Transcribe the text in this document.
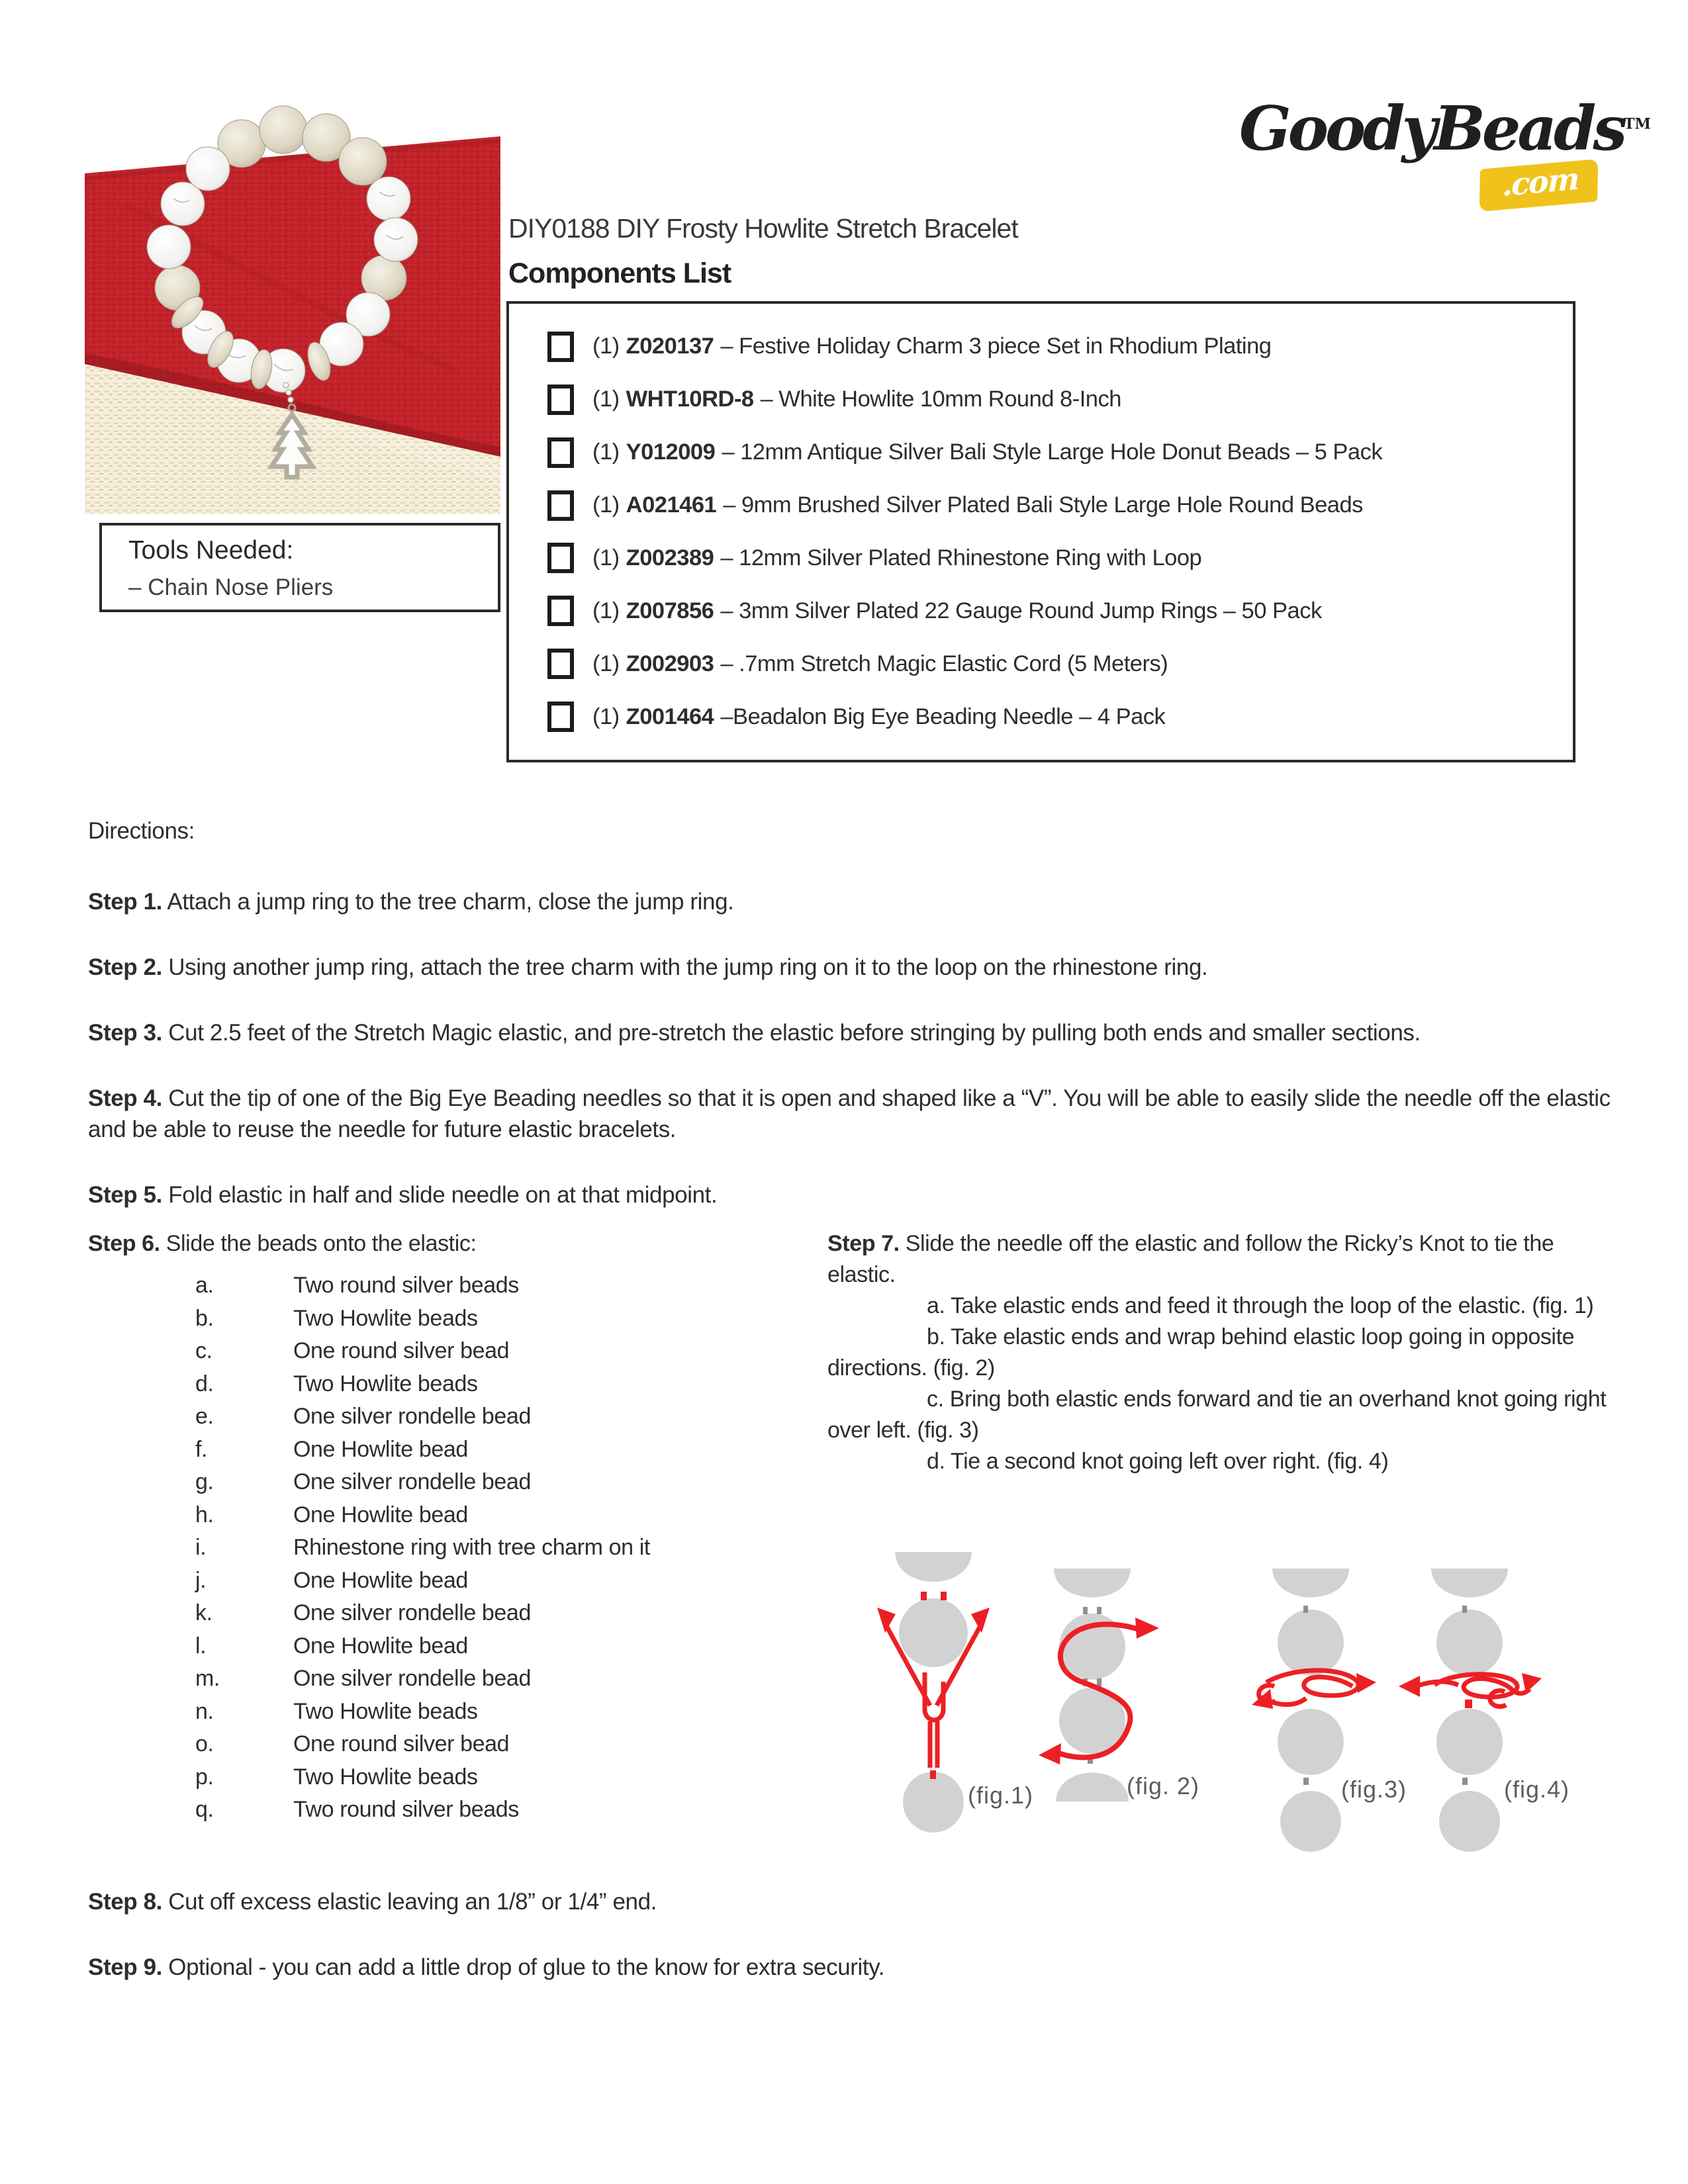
GoodyBeads™
.com
DIY0188 DIY Frosty Howlite Stretch Bracelet
Components List
(1) Z020137 – Festive Holiday Charm 3 piece Set in Rhodium Plating
(1) WHT10RD-8 – White Howlite 10mm Round 8-Inch
(1) Y012009 – 12mm Antique Silver Bali Style Large Hole Donut Beads – 5 Pack
(1) A021461 – 9mm Brushed Silver Plated Bali Style Large Hole Round Beads
(1) Z002389 – 12mm Silver Plated Rhinestone Ring with Loop
(1) Z007856 – 3mm Silver Plated 22 Gauge Round Jump Rings – 50 Pack
(1) Z002903 – .7mm Stretch Magic Elastic Cord (5 Meters)
(1) Z001464 –Beadalon Big Eye Beading Needle – 4 Pack
Tools Needed:
– Chain Nose Pliers

Directions:

Step 1. Attach a jump ring to the tree charm, close the jump ring.

Step 2. Using another jump ring, attach the tree charm with the jump ring on it to the loop on the rhinestone ring.

Step 3. Cut 2.5 feet of the Stretch Magic elastic, and pre-stretch the elastic before stringing by pulling both ends and smaller sections.

Step 4. Cut the tip of one of the Big Eye Beading needles so that it is open and shaped like a “V”. You will be able to easily slide the needle off the elastic and be able to reuse the needle for future elastic bracelets.

Step 5. Fold elastic in half and slide needle on at that midpoint.

Step 6. Slide the beads onto the elastic:

a.	Two round silver beads
b.	Two Howlite beads
c.	One round silver bead
d.	Two Howlite beads
e.	One silver rondelle bead
f.	One Howlite bead
g.	One silver rondelle bead
h.	One Howlite bead
i.	Rhinestone ring with tree charm on it
j.	One Howlite bead
k.	One silver rondelle bead
l.	One Howlite bead
m.	One silver rondelle bead
n.	Two Howlite beads
o.	One round silver bead
p.	Two Howlite beads
q.	Two round silver beads

Step 7. Slide the needle off the elastic and follow the Ricky’s Knot to tie the elastic.

a. Take elastic ends and feed it through the loop of the elastic. (fig. 1)

b. Take elastic ends and wrap behind elastic loop going in opposite directions. (fig. 2)

c. Bring both elastic ends forward and tie an overhand knot going right over left. (fig. 3)

d. Tie a second knot going left over right. (fig. 4)

(fig.1)	(fig. 2)	(fig.3)	(fig.4)

Step 8. Cut off excess elastic leaving an 1/8” or 1/4” end.

Step 9. Optional - you can add a little drop of glue to the know for extra security.
